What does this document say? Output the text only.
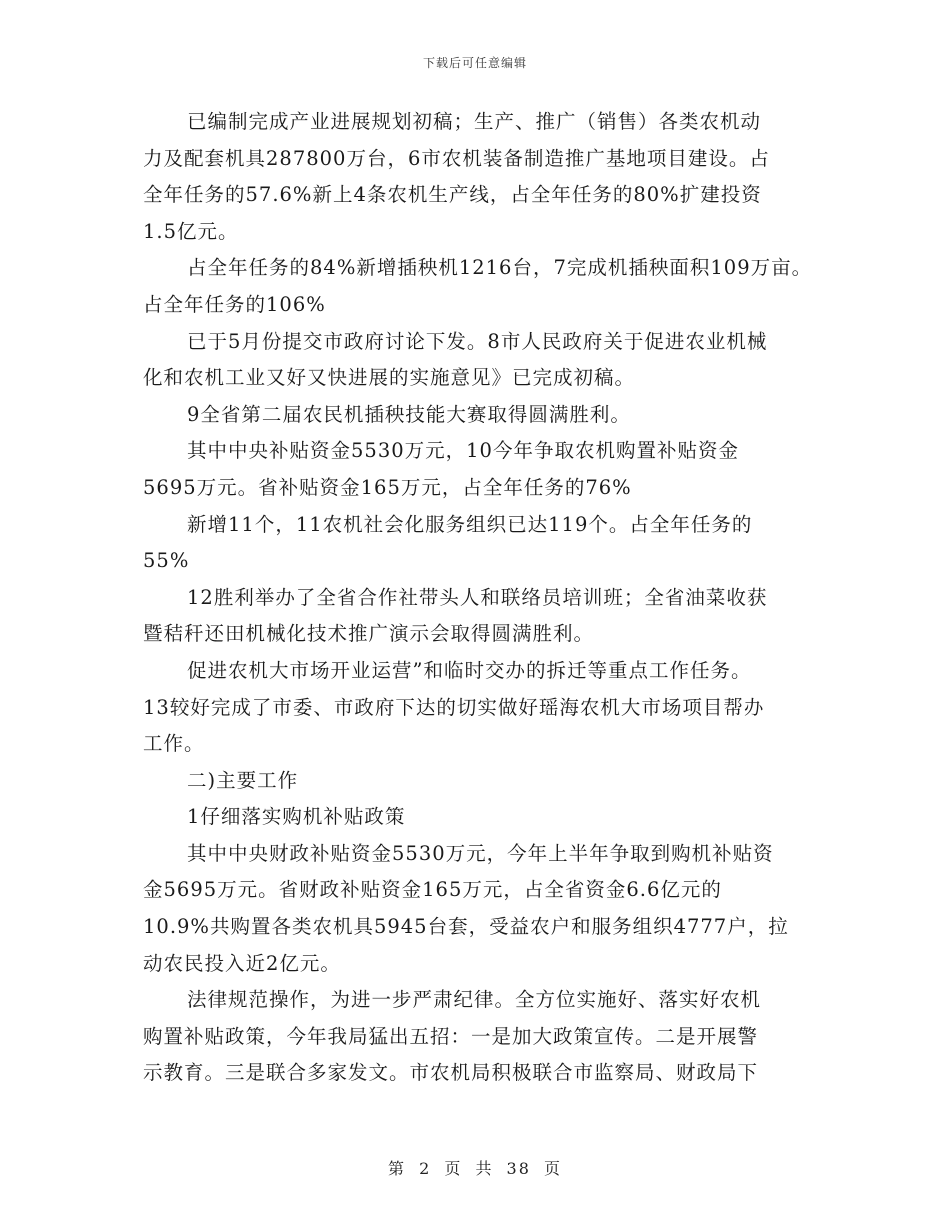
下载后可任意编辑
已编制完成产业进展规划初稿；生产、推广（销售）各类农机动
力及配套机具287800万台，6市农机装备制造推广基地项目建设。占
全年任务的57.6%新上4条农机生产线，占全年任务的80%扩建投资
1.5亿元。
占全年任务的84%新增插秧机1216台，7完成机插秧面积109万亩。
占全年任务的106%
已于5月份提交市政府讨论下发。8市人民政府关于促进农业机械
化和农机工业又好又快进展的实施意见》已完成初稿。
9全省第二届农民机插秧技能大赛取得圆满胜利。
其中中央补贴资金5530万元，10今年争取农机购置补贴资金
5695万元。省补贴资金165万元，占全年任务的76%
新增11个，11农机社会化服务组织已达119个。占全年任务的
55%
12胜利举办了全省合作社带头人和联络员培训班；全省油菜收获
暨秸秆还田机械化技术推广演示会取得圆满胜利。
促进农机大市场开业运营”和临时交办的拆迁等重点工作任务。
13较好完成了市委、市政府下达的切实做好瑶海农机大市场项目帮办
工作。
二)主要工作
1仔细落实购机补贴政策
其中中央财政补贴资金5530万元，今年上半年争取到购机补贴资
金5695万元。省财政补贴资金165万元，占全省资金6.6亿元的
10.9%共购置各类农机具5945台套，受益农户和服务组织4777户，拉
动农民投入近2亿元。
法律规范操作，为进一步严肃纪律。全方位实施好、落实好农机
购置补贴政策，今年我局猛出五招：一是加大政策宣传。二是开展警
示教育。三是联合多家发文。市农机局积极联合市监察局、财政局下
第 2 页 共 38 页
